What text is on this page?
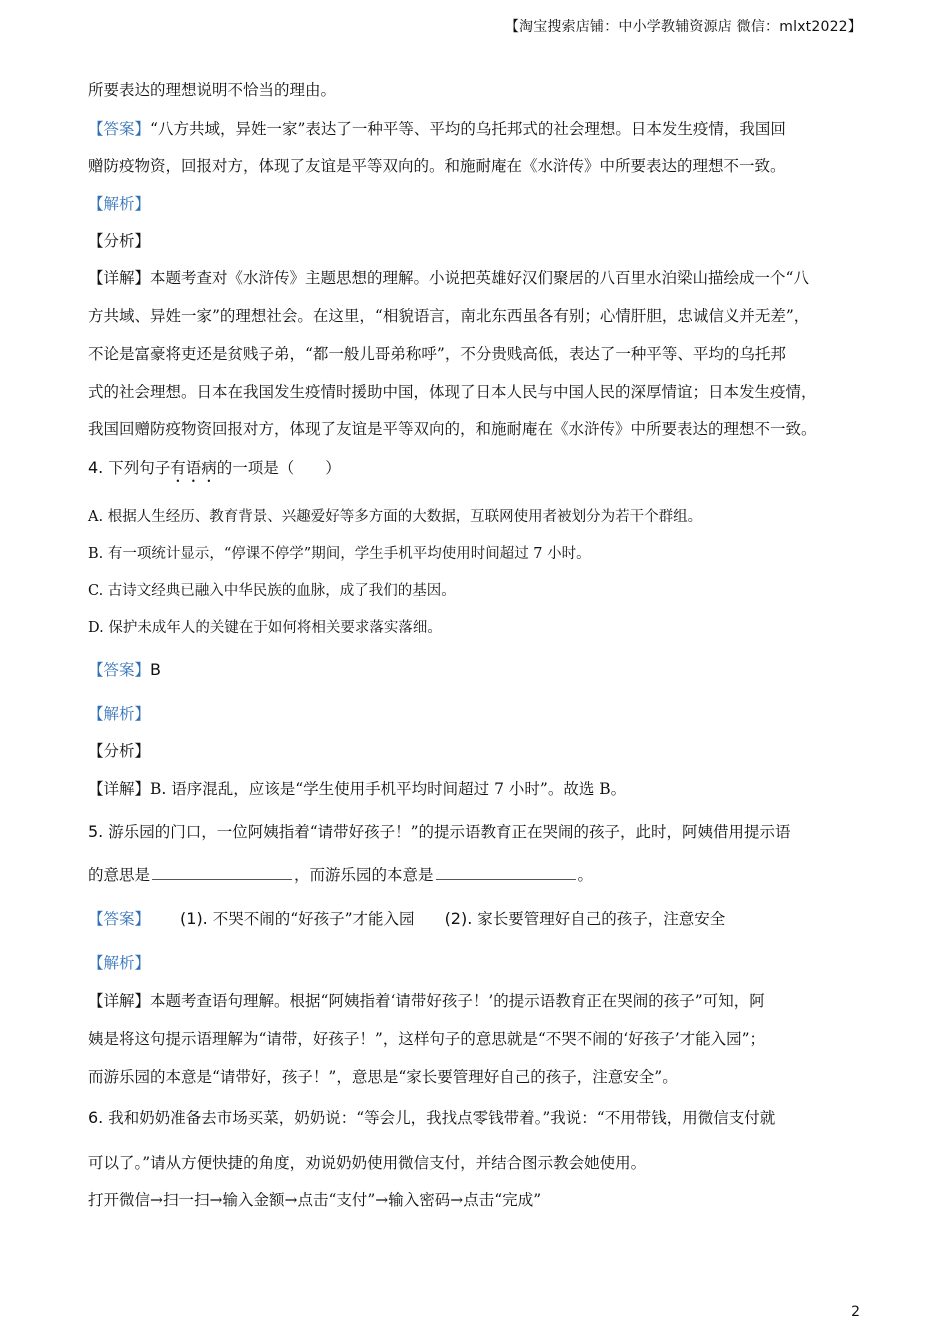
【淘宝搜索店铺：中小学教辅资源店 微信：mlxt2022】
所要表达的理想说明不恰当的理由。
【答案】“八方共域，异姓一家”表达了一种平等、平均的乌托邦式的社会理想。日本发生疫情，我国回
赠防疫物资，回报对方，体现了友谊是平等双向的。和施耐庵在《水浒传》中所要表达的理想不一致。
【解析】
【分析】
【详解】本题考查对《水浒传》主题思想的理解。小说把英雄好汉们聚居的八百里水泊梁山描绘成一个“八
方共域、异姓一家”的理想社会。在这里，“相貌语言，南北东西虽各有别；心情肝胆，忠诚信义并无差”，
不论是富豪将吏还是贫贱子弟，“都一般儿哥弟称呼”，不分贵贱高低，表达了一种平等、平均的乌托邦
式的社会理想。日本在我国发生疫情时援助中国，体现了日本人民与中国人民的深厚情谊；日本发生疫情，
我国回赠防疫物资回报对方，体现了友谊是平等双向的，和施耐庵在《水浒传》中所要表达的理想不一致。
4. 下列句子有语病的一项是（　　）
A. 根据人生经历、教育背景、兴趣爱好等多方面的大数据，互联网使用者被划分为若干个群组。
B. 有一项统计显示，“停课不停学”期间，学生手机平均使用时间超过 7 小时。
C. 古诗文经典已融入中华民族的血脉，成了我们的基因。
D. 保护未成年人的关键在于如何将相关要求落实落细。
【答案】B
【解析】
【分析】
【详解】B. 语序混乱，应该是“学生使用手机平均时间超过 7 小时”。故选 B。
5. 游乐园的门口，一位阿姨指着“请带好孩子！”的提示语教育正在哭闹的孩子，此时，阿姨借用提示语
的意思是	，而游乐园的本意是	。
【答案】 (1). 不哭不闹的“好孩子”才能入园 (2). 家长要管理好自己的孩子，注意安全
【解析】
【详解】本题考查语句理解。根据“阿姨指着‘请带好孩子！’的提示语教育正在哭闹的孩子”可知，阿
姨是将这句提示语理解为“请带，好孩子！”，这样句子的意思就是“不哭不闹的‘好孩子’才能入园”；
而游乐园的本意是“请带好，孩子！”，意思是“家长要管理好自己的孩子，注意安全”。
6. 我和奶奶准备去市场买菜，奶奶说：“等会儿，我找点零钱带着。”我说：“不用带钱，用微信支付就
可以了。”请从方便快捷的角度，劝说奶奶使用微信支付，并结合图示教会她使用。
打开微信→扫一扫→输入金额→点击“支付”→输入密码→点击“完成”
2
